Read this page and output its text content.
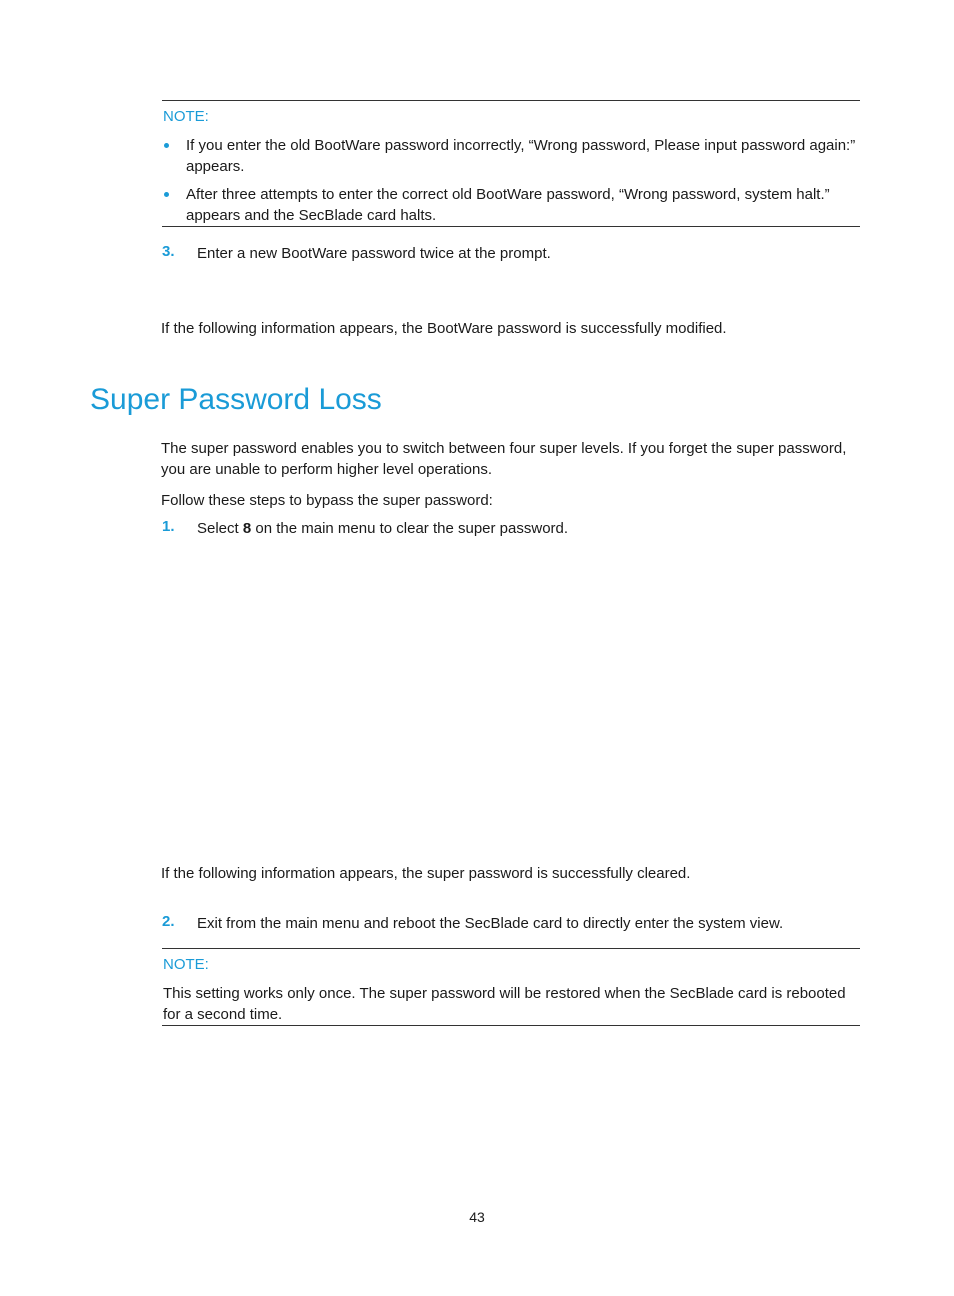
NOTE:
If you enter the old BootWare password incorrectly, “Wrong password, Please input password again:” appears.
After three attempts to enter the correct old BootWare password, “Wrong password, system halt.” appears and the SecBlade card halts.
3. Enter a new BootWare password twice at the prompt.
If the following information appears, the BootWare password is successfully modified.
Super Password Loss
The super password enables you to switch between four super levels. If you forget the super password, you are unable to perform higher level operations.
Follow these steps to bypass the super password:
1. Select 8 on the main menu to clear the super password.
If the following information appears, the super password is successfully cleared.
2. Exit from the main menu and reboot the SecBlade card to directly enter the system view.
NOTE:
This setting works only once. The super password will be restored when the SecBlade card is rebooted for a second time.
43
